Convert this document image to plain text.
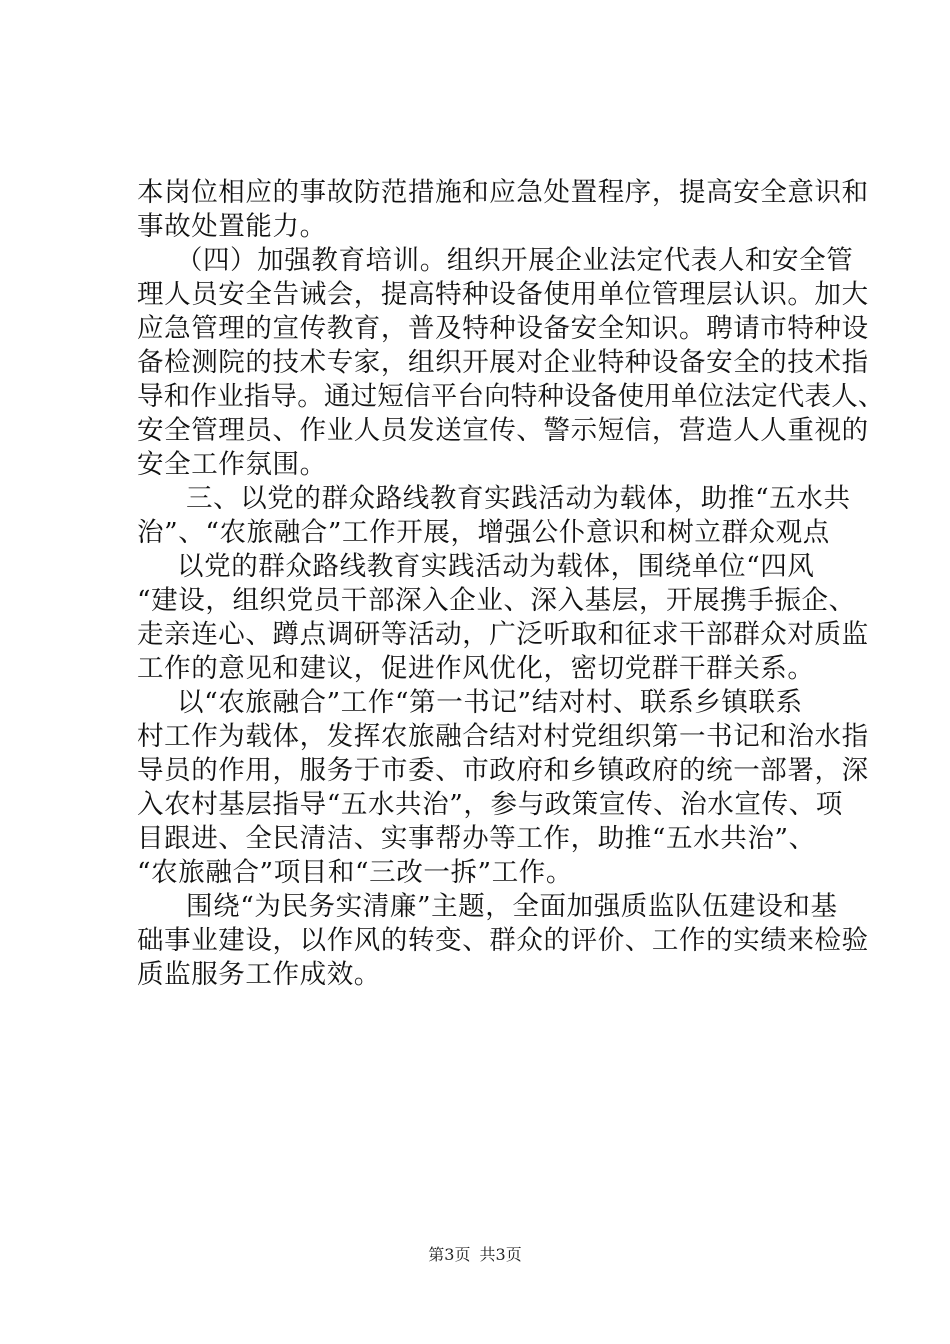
本岗位相应的事故防范措施和应急处置程序，提高安全意识和
事故处置能力。
　（四）加强教育培训。组织开展企业法定代表人和安全管
理人员安全告诫会，提高特种设备使用单位管理层认识。加大
应急管理的宣传教育，普及特种设备安全知识。聘请市特种设
备检测院的技术专家，组织开展对企业特种设备安全的技术指
导和作业指导。通过短信平台向特种设备使用单位法定代表人、
安全管理员、作业人员发送宣传、警示短信，营造人人重视的
安全工作氛围。
三、以党的群众路线教育实践活动为载体，助推“五水共
治”、“农旅融合”工作开展，增强公仆意识和树立群众观点
以党的群众路线教育实践活动为载体，围绕单位“四风
“建设，组织党员干部深入企业、深入基层，开展携手振企、
走亲连心、蹲点调研等活动，广泛听取和征求干部群众对质监
工作的意见和建议，促进作风优化，密切党群干群关系。
以“农旅融合”工作“第一书记”结对村、联系乡镇联系
村工作为载体，发挥农旅融合结对村党组织第一书记和治水指
导员的作用，服务于市委、市政府和乡镇政府的统一部署，深
入农村基层指导“五水共治”，参与政策宣传、治水宣传、项
目跟进、全民清洁、实事帮办等工作，助推“五水共治”、
“农旅融合”项目和“三改一拆”工作。
围绕“为民务实清廉”主题，全面加强质监队伍建设和基
础事业建设，以作风的转变、群众的评价、工作的实绩来检验
质监服务工作成效。
第3页 共3页
